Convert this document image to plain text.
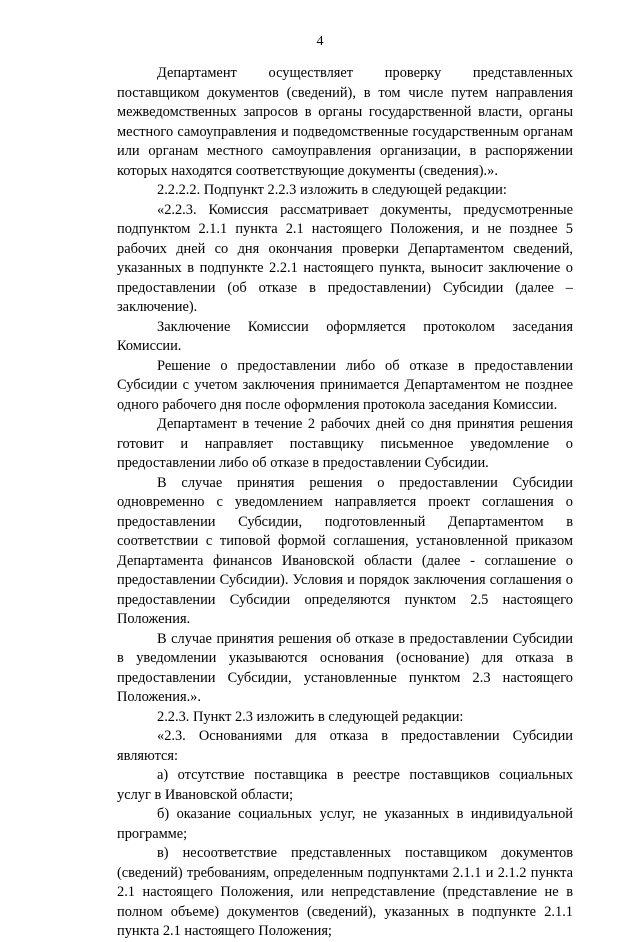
4

Департамент осуществляет проверку представленных поставщиком документов (сведений), в том числе путем направления межведомственных запросов в органы государственной власти, органы местного самоуправления и подведомственные государственным органам или органам местного самоуправления организации, в распоряжении которых находятся соответствующие документы (сведения).».

2.2.2.2. Подпункт 2.2.3 изложить в следующей редакции:

«2.2.3. Комиссия рассматривает документы, предусмотренные подпунктом 2.1.1 пункта 2.1 настоящего Положения, и не позднее 5 рабочих дней со дня окончания проверки Департаментом сведений, указанных в подпункте 2.2.1 настоящего пункта, выносит заключение о предоставлении (об отказе в предоставлении) Субсидии (далее – заключение).

Заключение Комиссии оформляется протоколом заседания Комиссии.

Решение о предоставлении либо об отказе в предоставлении Субсидии с учетом заключения принимается Департаментом не позднее одного рабочего дня после оформления протокола заседания Комиссии.

Департамент в течение 2 рабочих дней со дня принятия решения готовит и направляет поставщику письменное уведомление о предоставлении либо об отказе в предоставлении Субсидии.

В случае принятия решения о предоставлении Субсидии одновременно с уведомлением направляется проект соглашения о предоставлении Субсидии, подготовленный Департаментом в соответствии с типовой формой соглашения, установленной приказом Департамента финансов Ивановской области (далее - соглашение о предоставлении Субсидии). Условия и порядок заключения соглашения о предоставлении Субсидии определяются пунктом 2.5 настоящего Положения.

В случае принятия решения об отказе в предоставлении Субсидии в уведомлении указываются основания (основание) для отказа в предоставлении Субсидии, установленные пунктом 2.3 настоящего Положения.».

2.2.3. Пункт 2.3 изложить в следующей редакции:

«2.3. Основаниями для отказа в предоставлении Субсидии являются:

а) отсутствие поставщика в реестре поставщиков социальных услуг в Ивановской области;

б) оказание социальных услуг, не указанных в индивидуальной программе;

в) несоответствие представленных поставщиком документов (сведений) требованиям, определенным подпунктами 2.1.1 и 2.1.2 пункта 2.1 настоящего Положения, или непредставление (представление не в полном объеме) документов (сведений), указанных в подпункте 2.1.1 пункта 2.1 настоящего Положения;
